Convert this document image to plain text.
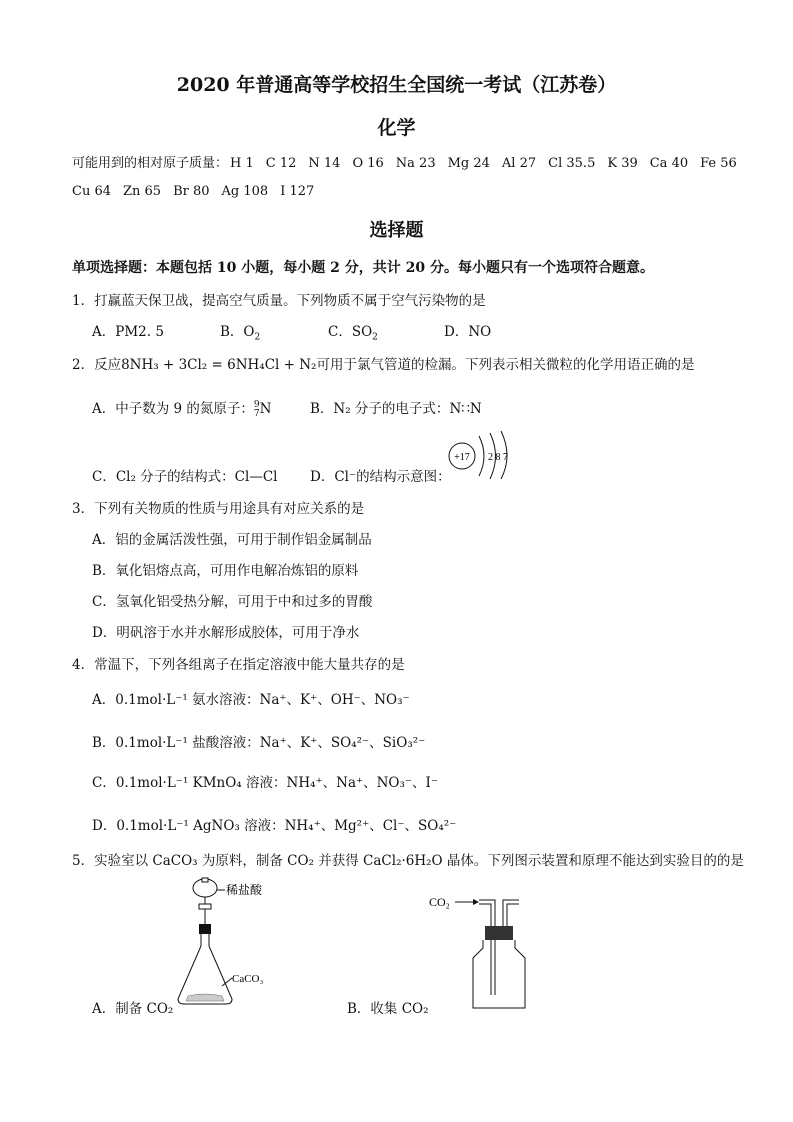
2020 年普通高等学校招生全国统一考试（江苏卷）
化学
可能用到的相对原子质量： H 1 C 12 N 14 O 16 Na 23 Mg 24 Al 27 Cl 35.5 K 39 Ca 40 Fe 56
Cu 64 Zn 65 Br 80 Ag 108 I 127
选择题
单项选择题：本题包括 10 小题，每小题 2 分，共计 20 分。每小题只有一个选项符合题意。
1．打赢蓝天保卫战，提高空气质量。下列物质不属于空气污染物的是
A．PM2. 5	B．$O_2$	C．$SO_2$	D．NO
2．反应8NH₃ + 3Cl₂ = 6NH₄Cl + N₂可用于氯气管道的检漏。下列表示相关微粒的化学用语正确的是
A．中子数为 9 的氮原子： 9
7 N	B．N₂ 分子的电子式：N∷N
C．Cl₂ 分子的结构式：Cl—Cl D．Cl⁻的结构示意图：
+17 2 8 7
3．下列有关物质的性质与用途具有对应关系的是
A．铝的金属活泼性强，可用于制作铝金属制品
B．氧化铝熔点高，可用作电解冶炼铝的原料
C．氢氧化铝受热分解，可用于中和过多的胃酸
D．明矾溶于水并水解形成胶体，可用于净水
4．常温下，下列各组离子在指定溶液中能大量共存的是
A．0.1mol·L⁻¹ 氨水溶液：Na⁺、K⁺、OH⁻、NO₃⁻
B．0.1mol·L⁻¹ 盐酸溶液：Na⁺、K⁺、SO₄²⁻、SiO₃²⁻
C．0.1mol·L⁻¹ KMnO₄ 溶液：NH₄⁺、Na⁺、NO₃⁻、I⁻
D．0.1mol·L⁻¹ AgNO₃ 溶液：NH₄⁺、Mg²⁺、Cl⁻、SO₄²⁻
5．实验室以 CaCO₃ 为原料，制备 CO₂ 并获得 CaCl₂·6H₂O 晶体。下列图示装置和原理不能达到实验目的的是
稀盐酸
CaCO₃
A．制备 CO₂
CO₂
B．收集 CO₂
